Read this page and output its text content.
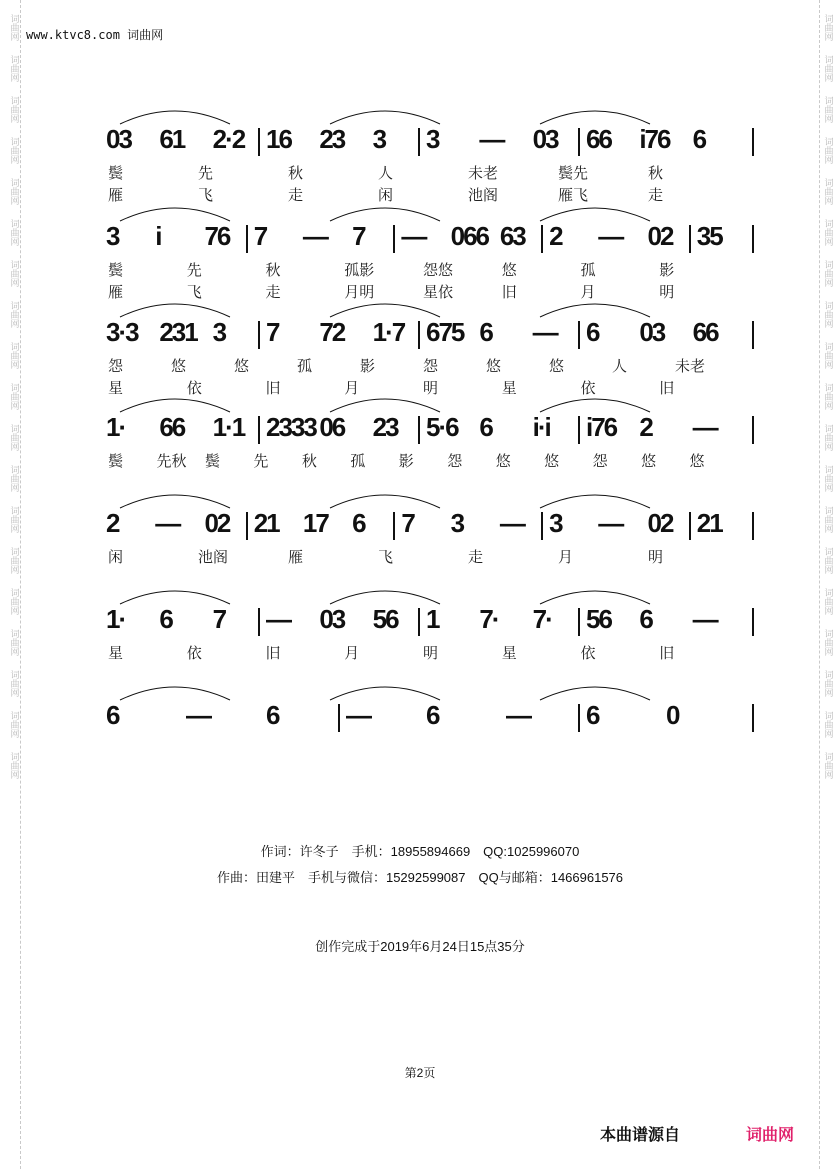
词曲网
词曲网
词曲网
词曲网
词曲网
词曲网
词曲网
词曲网
词曲网
词曲网
词曲网
词曲网
词曲网
词曲网
词曲网
词曲网
词曲网
词曲网
词曲网
词曲网
词曲网
词曲网
词曲网
词曲网
词曲网
词曲网
词曲网
词曲网
词曲网
词曲网
词曲网
词曲网
词曲网
词曲网
词曲网
词曲网
词曲网
词曲网
www.ktvc8.com 词曲网
03 61 2·2 16 23 3 3 — 03 66 i76 6
鬓	先	秋	人	未老	鬓先	秋
雁	飞	走	闲	池阁	雁飞	走
3 i 76 7 — 7 — 066 63 2 — 02 35
鬓	先	秋	孤影	怨悠	悠	孤	影
雁	飞	走	月明	星依	旧	月	明
3·3 231 3 7 72 1·7 675 6 — 6 03 66
怨	悠	悠	孤	影	怨	悠	悠	人	未老
星	依	旧	月	明	星	依	旧
1· 66 1·1 2333 06 23 5·6 6 i·i i76 2 —
鬓 先秋 鬓 先 秋 孤 影 怨 悠 悠 怨 悠 悠
2 — 02 21 17 6 7 3 — 3 — 02 21
闲	池阁	雁	飞	走	月	明
1· 6 7 — 03 56 1 7· 7· 56 6 —
星	依	旧	月	明	星	依	旧
6	— 6	— 6	— 6	0
作词：许冬子　手机：18955894669　QQ:1025996070
作曲：田建平　手机与微信：15292599087　QQ与邮箱：1466961576
创作完成于2019年6月24日15点35分
第2页
本曲谱源自	词曲网
